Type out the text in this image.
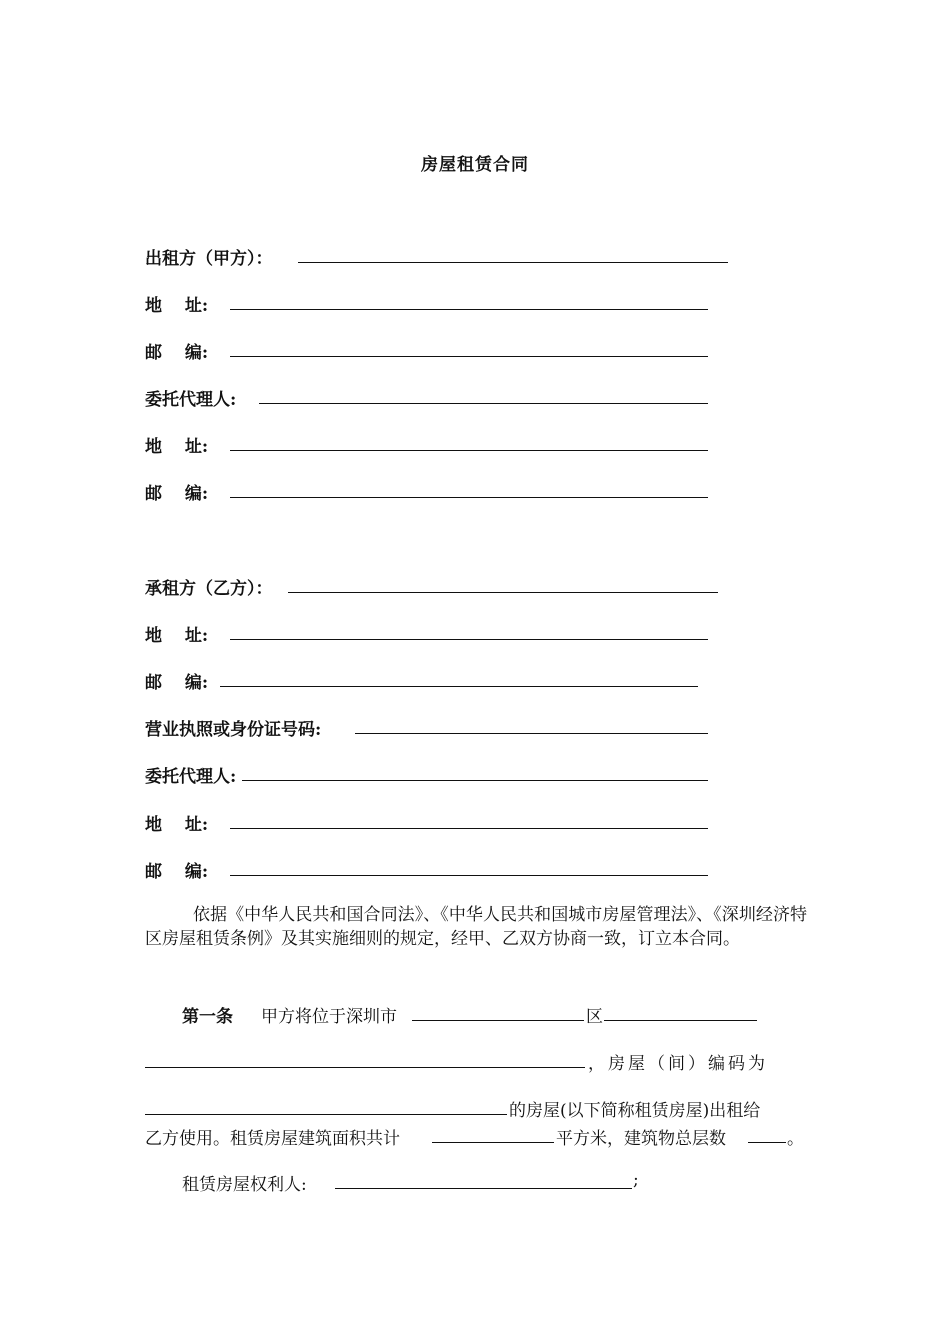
房屋租赁合同
出租方（甲方）：
地　 址:
邮　 编:
委托代理人:
地　 址:
邮　 编:
承租方（乙方）：
地　 址:
邮　 编:
营业执照或身份证号码:
委托代理人:
地　 址:
邮　 编:
依据《中华人民共和国合同法》、《中华人民共和国城市房屋管理法》、《深圳经济特区房屋租赁条例》及其实施细则的规定，经甲、乙双方协商一致，订立本合同。
第一条 甲方将位于深圳市	区
，房屋（间）编码为
的房屋(以下简称租赁房屋)出租给
乙方使用。租赁房屋建筑面积共计	平方米，建筑物总层数	。
租赁房屋权利人:	;
